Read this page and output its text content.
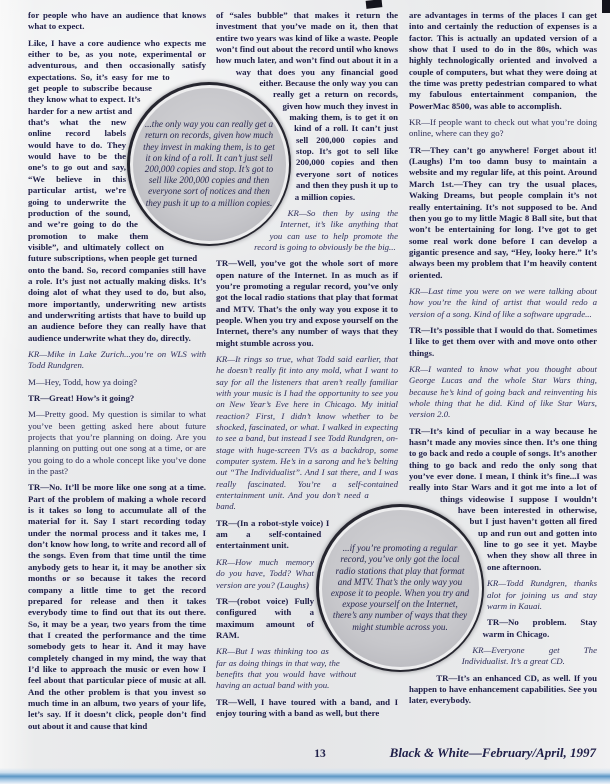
for people who have an audience that knows what to expect.

Like, I have a core audience who expects me either to be, as you note, experimental or adventurous, and then occasionally satisfy expectations. So, it’s easy for me to get people to subscribe because they know what to expect. It’s harder for a new artist and that’s what the new online record labels would have to do. They would have to be the one’s to go out and say, “We believe in this particular artist, we’re going to underwrite the production of the sound, and we’re going to do the promotion to make them visible”, and ultimately collect on future subscriptions, when people get turned onto the band. So, record companies still have a role. It’s just not actually making disks. It’s doing alot of what they used to do, but also, more importantly, underwriting new artists and underwriting artists that have to build up an audience before they can really have that audience underwrite what they do, directly.

KR—Mike in Lake Zurich...you’re on WLS with Todd Rundgren.

M—Hey, Todd, how ya doing?

TR—Great! How’s it going?

M—Pretty good. My question is similar to what you’ve been getting asked here about future projects that you’re planning on doing. Are you planning on putting out one song at a time, or are you going to do a whole concept like you’ve done in the past?

TR—No. It’ll be more like one song at a time. Part of the problem of making a whole record is it takes so long to accumulate all of the material for it. Say I start recording today under the normal process and it takes me, I don’t know how long, to write and record all of the songs. Even from that time until the time anybody gets to hear it, it may be another six months or so because it takes the record company a little time to get the record prepared for release and then it takes everybody time to find out that its out there. So, it may be a year, two years from the time that I created the performance and the time somebody gets to hear it. And it may have completely changed in my mind, the way that I’d like to approach the music or even how I feel about that particular piece of music at all. And the other problem is that you invest so much time in an album, two years of your life, let’s say. If it doesn’t click, people don’t find out about it and cause that kind

of “sales bubble” that makes it return the investment that you’ve made on it, then that entire two years was kind of like a waste. People won’t find out about the record until who knows how much later, and won’t find out about it in a way that does you any financial good either. Because the only way you can really get a return on records, given how much they invest in making them, is to get it on kind of a roll. It can’t just sell 200,000 copies and stop. It’s got to sell like 200,000 copies and then everyone sort of notices and then they push it up to a million copies.

KR—So then by using the Internet, it’s like anything that you can use to help promote the record is going to obviously be the big...

TR—Well, you’ve got the whole sort of more open nature of the Internet. In as much as if you’re promoting a regular record, you’ve only got the local radio stations that play that format and MTV. That’s the only way you expose it to people. When you try and expose yourself on the Internet, there’s any number of ways that they might stumble across you.

KR—It rings so true, what Todd said earlier, that he doesn’t really fit into any mold, what I want to say for all the listeners that aren’t really familiar with your music is I had the opportunity to see you on New Year’s Eve here in Chicago. My initial reaction? First, I didn’t know whether to be shocked, fascinated, or what. I walked in expecting to see a band, but instead I see Todd Rundgren, on-stage with huge-screen TVs as a backdrop, some computer system. He’s in a sarong and he’s belting out “The Individualist”. And I sat there, and I was really fascinated. You’re a self-contained entertainment unit. And you don’t need a band.

TR—(In a robot-style voice) I am a self-contained entertainment unit.

KR—How much memory do you have, Todd? What version are you? (Laughs)

TR—(robot voice) Fully configured with a maximum amount of RAM.

KR—But I was thinking too as far as doing things in that way, the benefits that you would have without having an actual band with you.

TR—Well, I have toured with a band, and I enjoy touring with a band as well, but there

are advantages in terms of the places I can get into and certainly the reduction of expenses is a factor. This is actually an updated version of a show that I used to do in the 80s, which was highly technologically oriented and involved a couple of computers, but what they were doing at the time was pretty pedestrian compared to what my fabulous entertainment companion, the PowerMac 8500, was able to accomplish.

KR—If people want to check out what you’re doing online, where can they go?

TR—They can’t go anywhere! Forget about it! (Laughs) I’m too damn busy to maintain a website and my regular life, at this point. Around March 1st.—They can try the usual places, Waking Dreams, but people complain it’s not really entertaining. It’s not supposed to be. And then you go to my little Magic 8 Ball site, but that won’t be entertaining for long. I’ve got to get some real work done before I can develop a gigantic presence and say, “Hey, looky here.” It’s always been my problem that I’m heavily content oriented.

KR—Last time you were on we were talking about how you’re the kind of artist that would redo a version of a song. Kind of like a software upgrade...

TR—It’s possible that I would do that. Sometimes I like to get them over with and move onto other things.

KR—I wanted to know what you thought about George Lucas and the whole Star Wars thing, because he’s kind of going back and reinventing his whole thing that he did. Kind of like Star Wars, version 2.0.

TR—It’s kind of peculiar in a way because he hasn’t made any movies since then. It’s one thing to go back and redo a couple of songs. It’s another thing to go back and redo the only song that you’ve ever done. I mean, I think it’s fine...I was really into Star Wars and it got me into a lot of things videowise I suppose I wouldn’t have been interested in otherwise, but I just haven’t gotten all fired up and run out and gotten into line to go see it yet. Maybe when they show all three in one afternoon.

KR—Todd Rundgren, thanks alot for joining us and stay warm in Kauai.

TR—No problem. Stay warm in Chicago.

KR—Everyone get The Individualist. It’s a great CD.

TR—It’s an enhanced CD, as well. If you happen to have enhancement capabilities. See you later, everybody.

...the only way you can really get a return on records, given how much they invest in making them, is to get it on kind of a roll. It can’t just sell 200,000 copies and stop. It’s got to sell like 200,000 copies and then everyone sort of notices and then they push it up to a million copies.
...if you’re promoting a regular record, you’ve only got the local radio stations that play that format and MTV. That’s the only way you expose it to people. When you try and expose yourself on the Internet, there’s any number of ways that they might stumble across you.
13	Black & White—February/April, 1997
